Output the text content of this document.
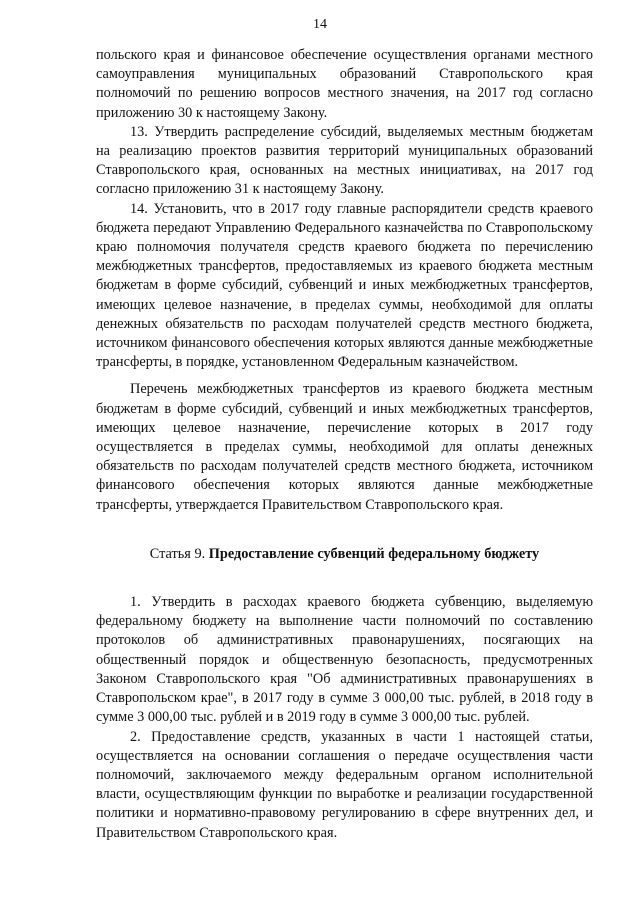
14

польского края и финансовое обеспечение осуществления органами местного самоуправления муниципальных образований Ставропольского края полномочий по решению вопросов местного значения, на 2017 год согласно приложению 30 к настоящему Закону.

13. Утвердить распределение субсидий, выделяемых местным бюджетам на реализацию проектов развития территорий муниципальных образований Ставропольского края, основанных на местных инициативах, на 2017 год согласно приложению 31 к настоящему Закону.

14. Установить, что в 2017 году главные распорядители средств краевого бюджета передают Управлению Федерального казначейства по Ставропольскому краю полномочия получателя средств краевого бюджета по перечислению межбюджетных трансфертов, предоставляемых из краевого бюджета местным бюджетам в форме субсидий, субвенций и иных межбюджетных трансфертов, имеющих целевое назначение, в пределах суммы, необходимой для оплаты денежных обязательств по расходам получателей средств местного бюджета, источником финансового обеспечения которых являются данные межбюджетные трансферты, в порядке, установленном Федеральным казначейством.

Перечень межбюджетных трансфертов из краевого бюджета местным бюджетам в форме субсидий, субвенций и иных межбюджетных трансфертов, имеющих целевое назначение, перечисление которых в 2017 году осуществляется в пределах суммы, необходимой для оплаты денежных обязательств по расходам получателей средств местного бюджета, источником финансового обеспечения которых являются данные межбюджетные трансферты, утверждается Правительством Ставропольского края.

Статья 9. Предоставление субвенций федеральному бюджету

1. Утвердить в расходах краевого бюджета субвенцию, выделяемую федеральному бюджету на выполнение части полномочий по составлению протоколов об административных правонарушениях, посягающих на общественный порядок и общественную безопасность, предусмотренных Законом Ставропольского края "Об административных правонарушениях в Ставропольском крае", в 2017 году в сумме 3 000,00 тыс. рублей, в 2018 году в сумме 3 000,00 тыс. рублей и в 2019 году в сумме 3 000,00 тыс. рублей.

2. Предоставление средств, указанных в части 1 настоящей статьи, осуществляется на основании соглашения о передаче осуществления части полномочий, заключаемого между федеральным органом исполнительной власти, осуществляющим функции по выработке и реализации государственной политики и нормативно-правовому регулированию в сфере внутренних дел, и Правительством Ставропольского края.
